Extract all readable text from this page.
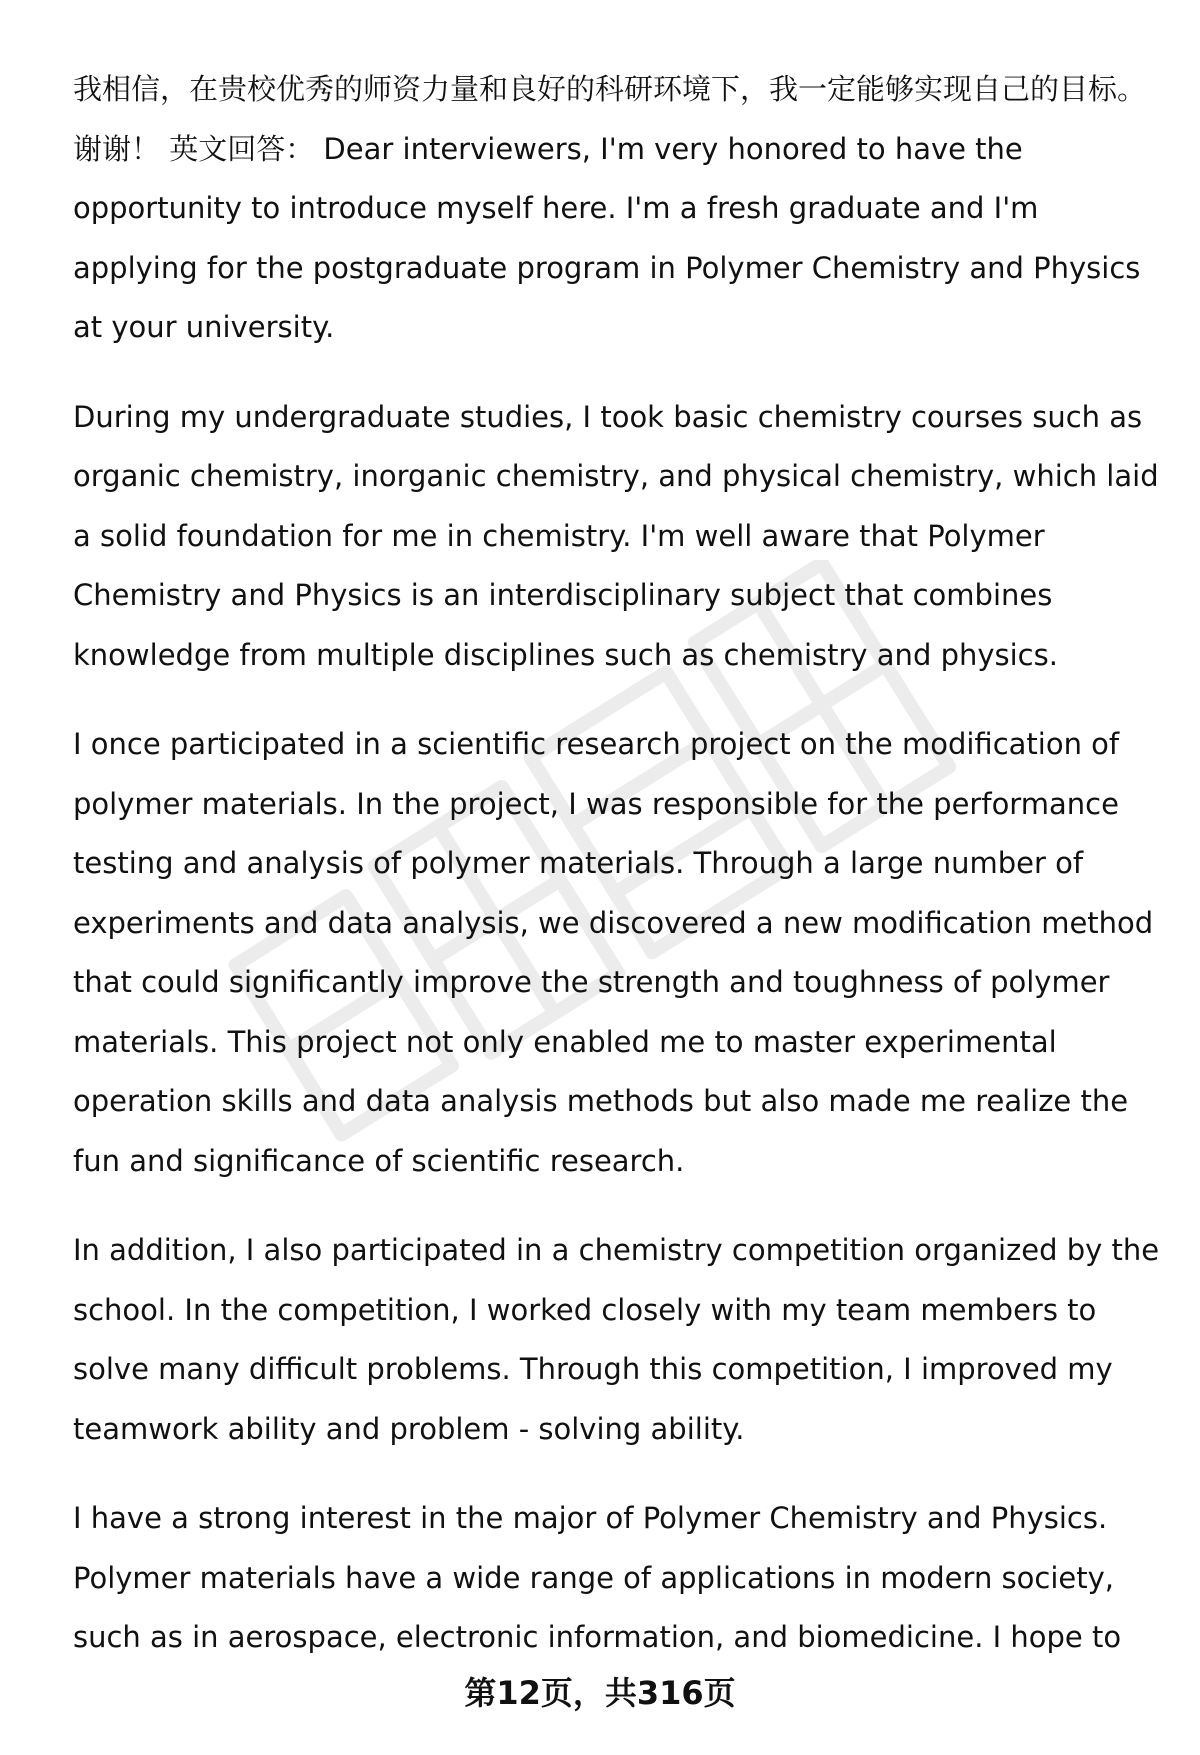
我相信，在贵校优秀的师资力量和良好的科研环境下，我一定能够实现自己的目标。谢谢！ 英文回答： Dear interviewers, I'm very honored to have the opportunity to introduce myself here. I'm a fresh graduate and I'm applying for the postgraduate program in Polymer Chemistry and Physics at your university.

During my undergraduate studies, I took basic chemistry courses such as organic chemistry, inorganic chemistry, and physical chemistry, which laid a solid foundation for me in chemistry. I'm well aware that Polymer Chemistry and Physics is an interdisciplinary subject that combines knowledge from multiple disciplines such as chemistry and physics.

I once participated in a scientific research project on the modification of polymer materials. In the project, I was responsible for the performance testing and analysis of polymer materials. Through a large number of experiments and data analysis, we discovered a new modification method that could significantly improve the strength and toughness of polymer materials. This project not only enabled me to master experimental operation skills and data analysis methods but also made me realize the fun and significance of scientific research.

In addition, I also participated in a chemistry competition organized by the school. In the competition, I worked closely with my team members to solve many difficult problems. Through this competition, I improved my teamwork ability and problem - solving ability.

I have a strong interest in the major of Polymer Chemistry and Physics. Polymer materials have a wide range of applications in modern society, such as in aerospace, electronic information, and biomedicine. I hope to

第12页，共316页
